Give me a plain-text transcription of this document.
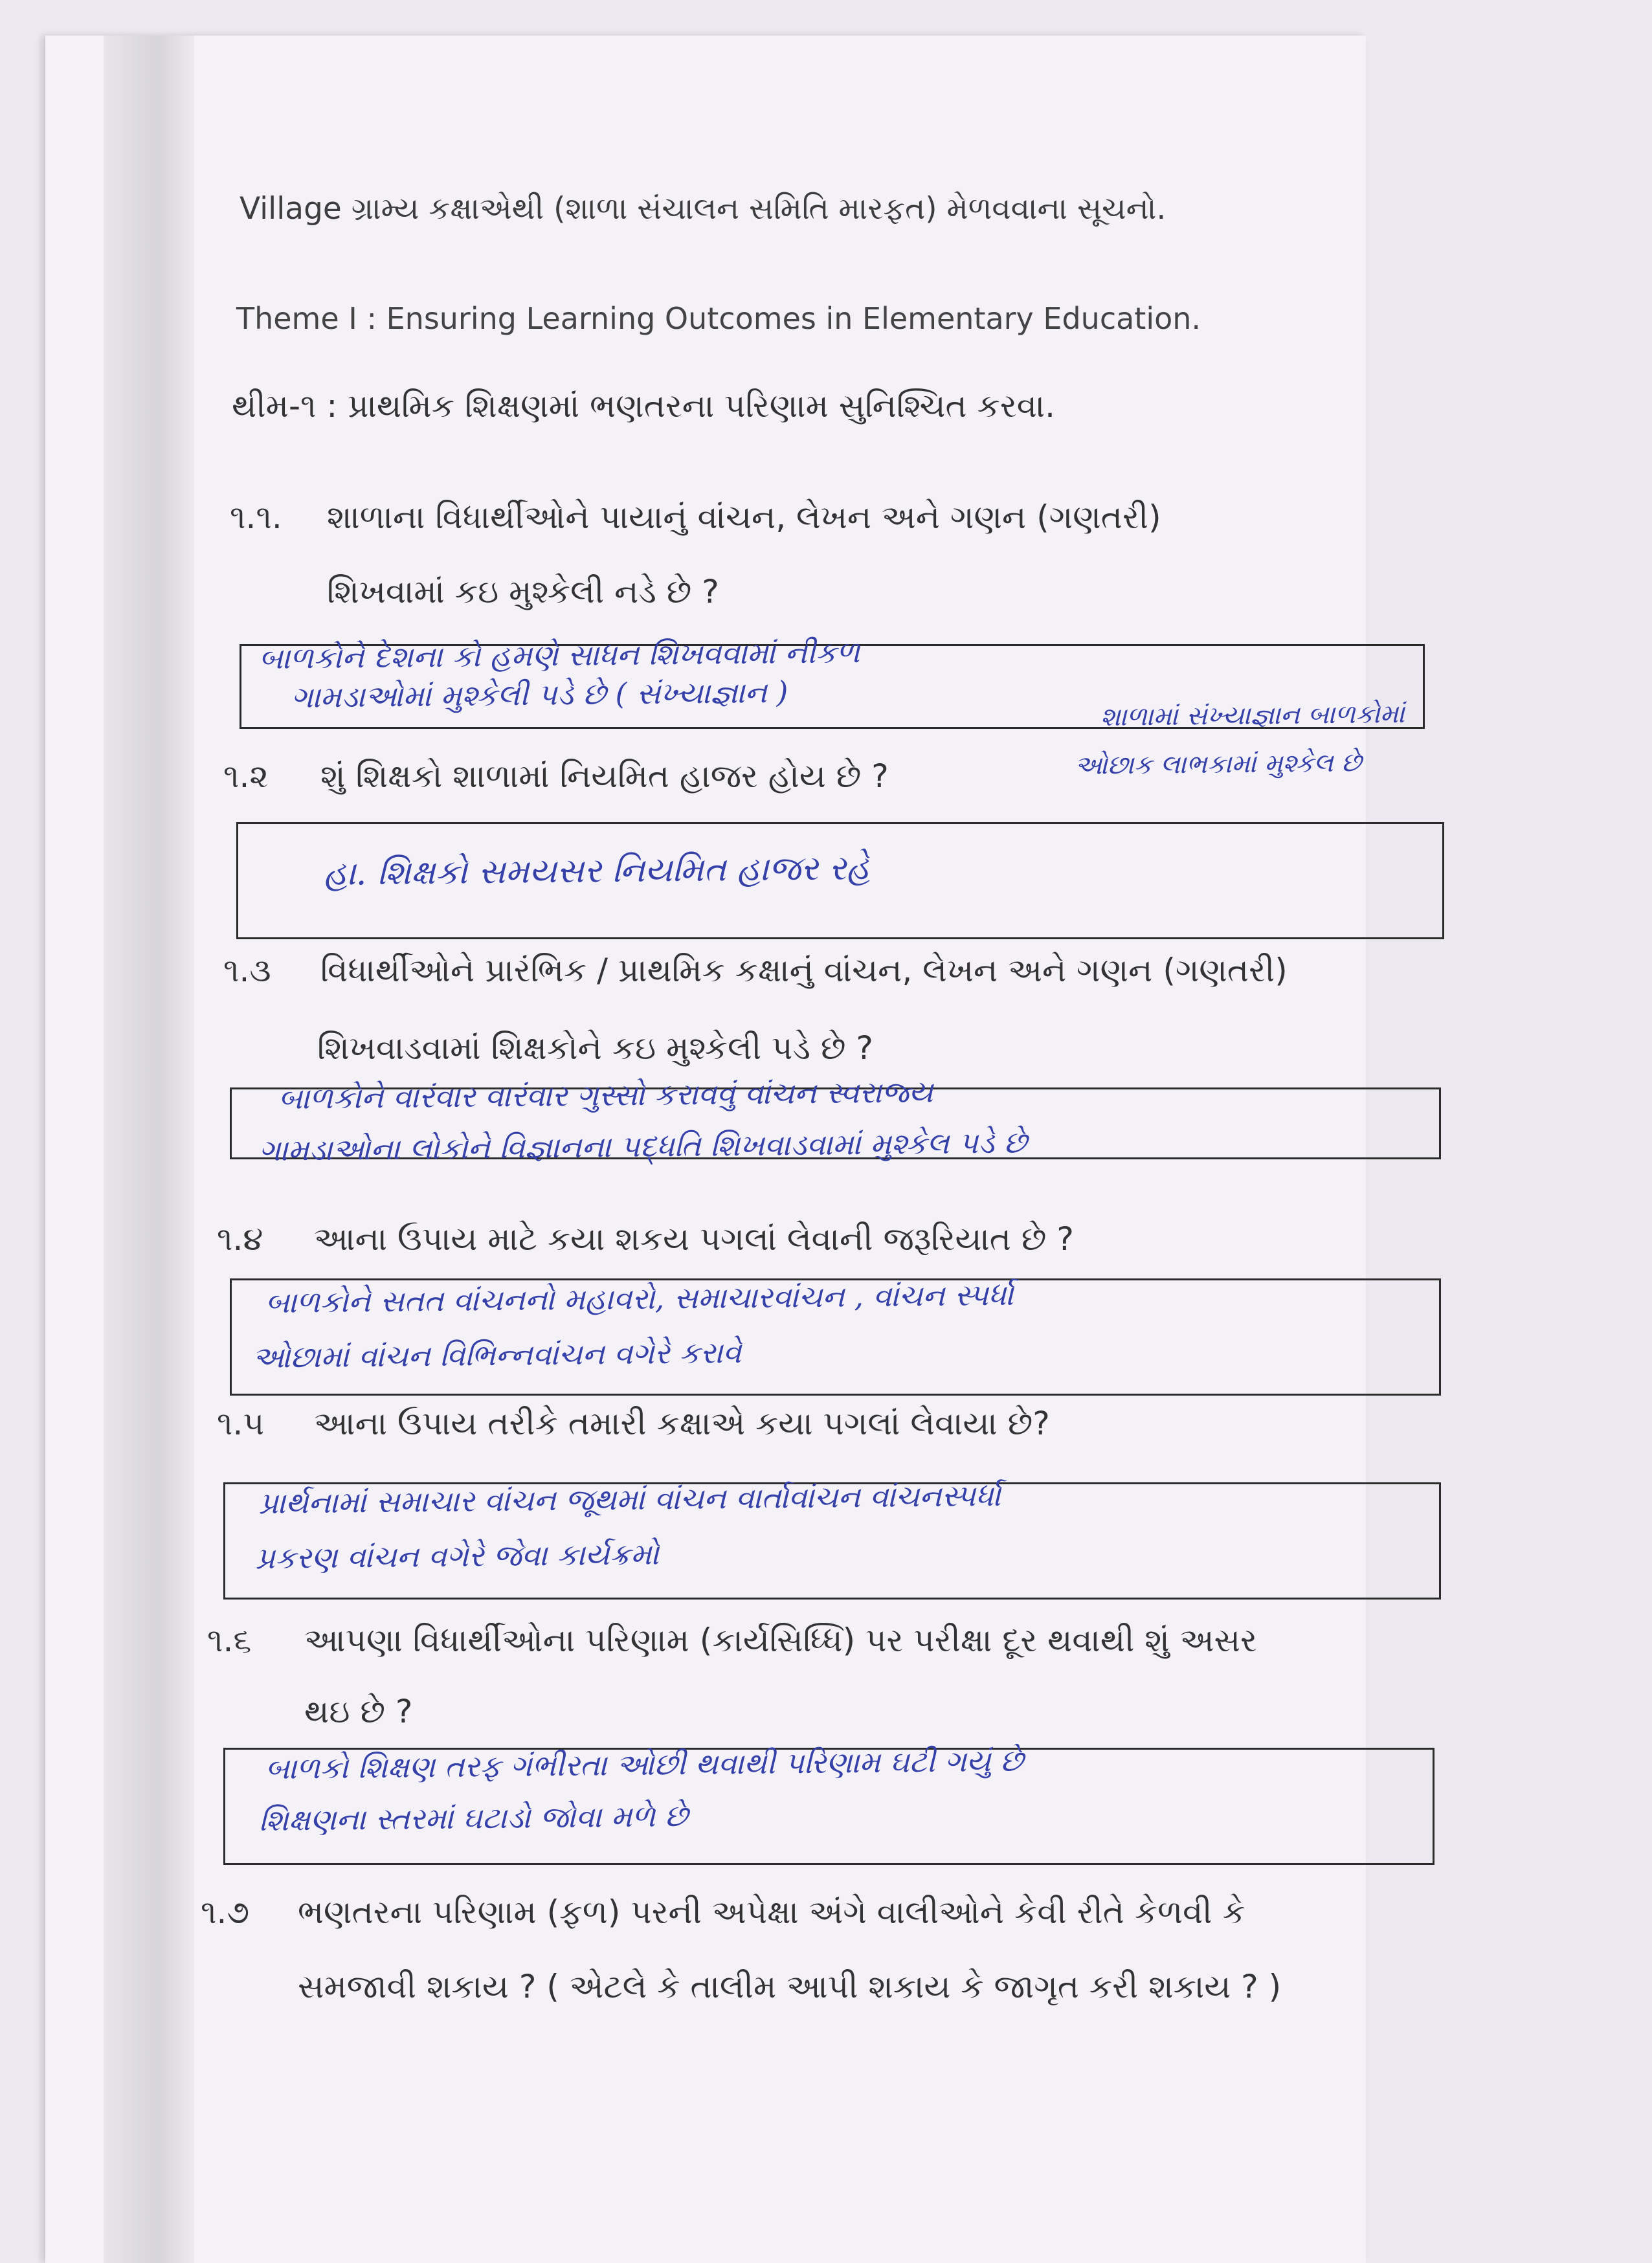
Village ગ્રામ્ય કક્ષાએથી (શાળા સંચાલન સમિતિ મારફત) મેળવવાના સૂચનો.
Theme I : Ensuring Learning Outcomes in Elementary Education.
થીમ-૧ : પ્રાથમિક શિક્ષણમાં ભણતરના પરિણામ સુનિશ્ચિત કરવા.
૧.૧. શાળાના વિધાર્થીઓને પાયાનું વાંચન, લેખન અને ગણન (ગણતરી)
શિખવામાં કઇ મુશ્કેલી નડે છે ?
બાળકોને દેશના કો હમણે સાધન શિખવવામાં નીકળ
ગામડાઓમાં મુશ્કેલી પડે છે ( સંખ્યાજ્ઞાન )
શાળામાં સંખ્યાજ્ઞાન બાળકોમાં
ઓછાક લાભકામાં મુશ્કેલ છે
૧.૨ શું શિક્ષકો શાળામાં નિયમિત હાજર હોય છે ?
હા. શિક્ષકો સમયસર નિયમિત હાજર રહે
૧.૩ વિધાર્થીઓને પ્રારંભિક / પ્રાથમિક કક્ષાનું વાંચન, લેખન અને ગણન (ગણતરી)
શિખવાડવામાં શિક્ષકોને કઇ મુશ્કેલી પડે છે ?
બાળકોને વારંવાર વારંવાર ગુસ્સો કરાવવું વાંચન સ્વરાજ્ય
ગામડાઓના લોકોને વિજ્ઞાનના પદ્ધતિ શિખવાડવામાં મુશ્કેલ પડે છે
૧.૪ આના ઉપાય માટે કયા શકય પગલાં લેવાની જરૂરિયાત છે ?
બાળકોને સતત વાંચનનો મહાવરો, સમાચારવાંચન , વાંચન સ્પર્ધા
ઓછામાં વાંચન વિભિન્નવાંચન વગેરે કરાવે
૧.૫ આના ઉપાય તરીકે તમારી કક્ષાએ કયા પગલાં લેવાયા છે?
પ્રાર્થનામાં સમાચાર વાંચન જૂથમાં વાંચન વાર્તાવાંચન વાંચનસ્પર્ધા
પ્રકરણ વાંચન વગેરે જેવા કાર્યક્રમો
૧.૬ આપણા વિધાર્થીઓના પરિણામ (કાર્યસિધ્ધિ) પર પરીક્ષા દૂર થવાથી શું અસર
થઇ છે ?
બાળકો શિક્ષણ તરફ ગંભીરતા ઓછી થવાથી પરિણામ ઘટી ગયું છે
શિક્ષણના સ્તરમાં ઘટાડો જોવા મળે છે
૧.૭ ભણતરના પરિણામ (ફળ) પરની અપેક્ષા અંગે વાલીઓને કેવી રીતે કેળવી કે
સમજાવી શકાય ? ( એટલે કે તાલીમ આપી શકાય કે જાગૃત કરી શકાય ? )
